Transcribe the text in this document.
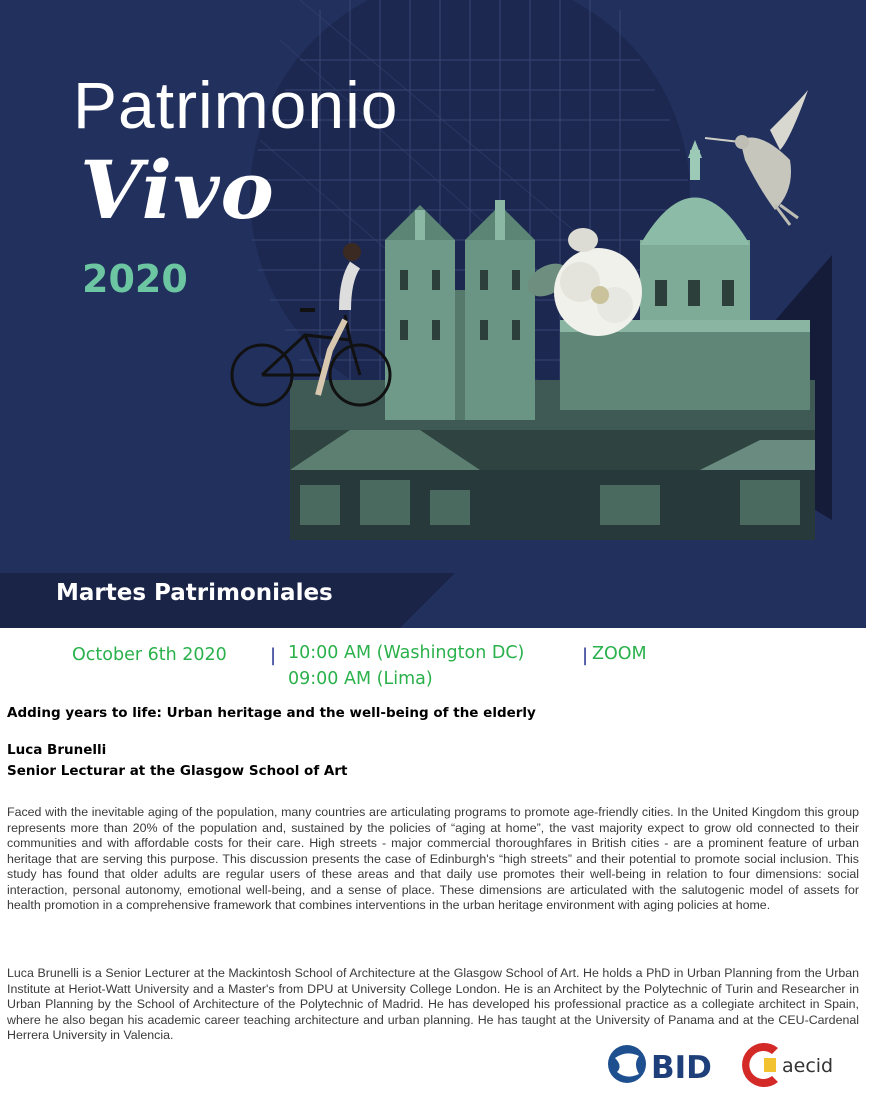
Patrimonio
Vivo
2020
Martes Patrimoniales
October 6th 2020 | 10:00 AM (Washington DC)
09:00 AM (Lima)
| ZOOM
Adding years to life: Urban heritage and the well-being of the elderly
Luca Brunelli
Senior Lecturar at the Glasgow School of Art

Faced with the inevitable aging of the population, many countries are articulating programs to promote age-friendly cities. In the United Kingdom this group represents more than 20% of the population and, sustained by the policies of “aging at home”, the vast majority expect to grow old connected to their communities and with affordable costs for their care. High streets - major commercial thoroughfares in British cities - are a prominent feature of urban heritage that are serving this purpose. This discussion presents the case of Edinburgh's “high streets” and their potential to promote social inclusion. This study has found that older adults are regular users of these areas and that daily use promotes their well-being in relation to four dimensions: social interaction, personal autonomy, emotional well-being, and a sense of place. These dimensions are articulated with the salutogenic model of assets for health promotion in a comprehensive framework that combines interventions in the urban heritage environment with aging policies at home.

Luca Brunelli is a Senior Lecturer at the Mackintosh School of Architecture at the Glasgow School of Art. He holds a PhD in Urban Planning from the Urban Institute at Heriot-Watt University and a Master's from DPU at University College London. He is an Architect by the Polytechnic of Turin and Researcher in Urban Planning by the School of Architecture of the Polytechnic of Madrid. He has developed his professional practice as a collegiate architect in Spain, where he also began his academic career teaching architecture and urban planning. He has taught at the University of Panama and at the CEU-Cardenal Herrera University in Valencia.

BID	aecid
